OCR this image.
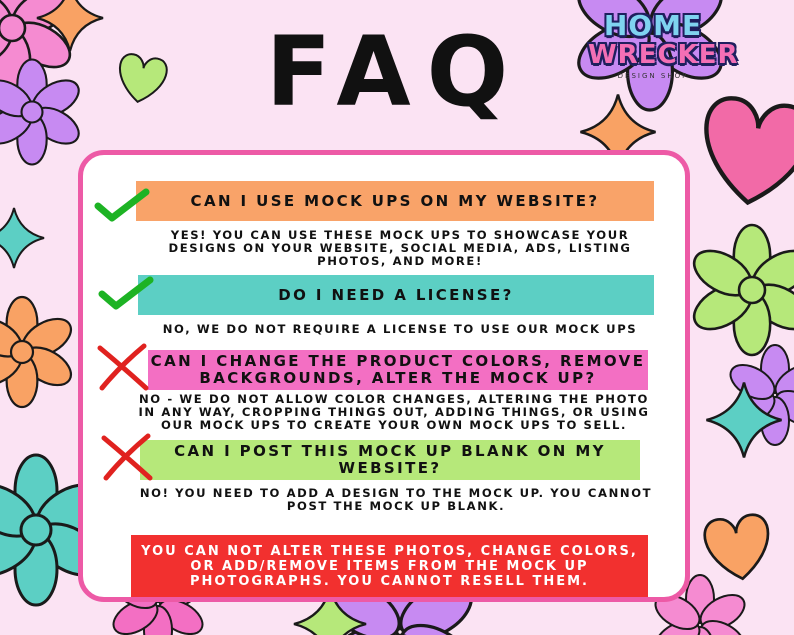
FAQ	HOME
WRECKER
DESIGN SHOP
CAN I USE MOCK UPS ON MY WEBSITE?
YES! YOU CAN USE THESE MOCK UPS TO SHOWCASE YOUR DESIGNS ON YOUR WEBSITE, SOCIAL MEDIA, ADS, LISTING PHOTOS, AND MORE!
DO I NEED A LICENSE?
NO, WE DO NOT REQUIRE A LICENSE TO USE OUR MOCK UPS
CAN I CHANGE THE PRODUCT COLORS, REMOVE BACKGROUNDS, ALTER THE MOCK UP?
NO - WE DO NOT ALLOW COLOR CHANGES, ALTERING THE PHOTO IN ANY WAY, CROPPING THINGS OUT, ADDING THINGS, OR USING OUR MOCK UPS TO CREATE YOUR OWN MOCK UPS TO SELL.
CAN I POST THIS MOCK UP BLANK ON MY WEBSITE?
NO! YOU NEED TO ADD A DESIGN TO THE MOCK UP. YOU CANNOT POST THE MOCK UP BLANK.
YOU CAN NOT ALTER THESE PHOTOS, CHANGE COLORS, OR ADD/REMOVE ITEMS FROM THE MOCK UP PHOTOGRAPHS. YOU CANNOT RESELL THEM.
